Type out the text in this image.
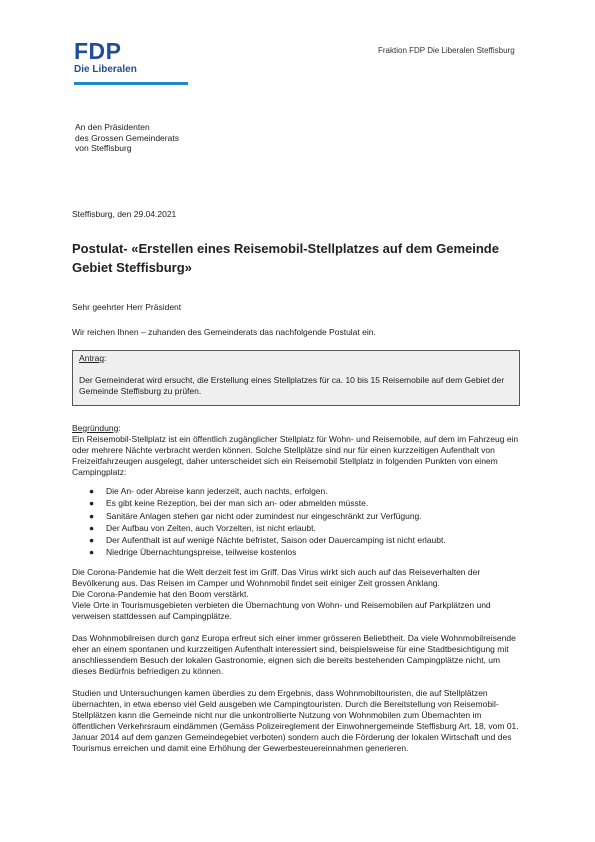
FDP
Die Liberalen
Fraktion FDP Die Liberalen Steffisburg
An den Präsidenten
des Grossen Gemeinderats
von Steffisburg
Steffisburg, den 29.04.2021
Postulat- «Erstellen eines Reisemobil-Stellplatzes auf dem Gemeinde Gebiet Steffisburg»
Sehr geehrter Herr Präsident
Wir reichen Ihnen – zuhanden des Gemeinderats das nachfolgende Postulat ein.
Antrag:
Der Gemeinderat wird ersucht, die Erstellung eines Stellplatzes für ca. 10 bis 15 Reisemobile auf dem Gebiet der Gemeinde Steffisburg zu prüfen.

Begründung:

Ein Reisemobil-Stellplatz ist ein öffentlich zugänglicher Stellplatz für Wohn- und Reisemobile, auf dem im Fahrzeug ein oder mehrere Nächte verbracht werden können. Solche Stellplätze sind nur für einen kurzzeitigen Aufenthalt von Freizeitfahrzeugen ausgelegt, daher unterscheidet sich ein Reisemobil Stellplatz in folgenden Punkten von einem Campingplatz:

● Die An- oder Abreise kann jederzeit, auch nachts, erfolgen.
● Es gibt keine Rezeption, bei der man sich an- oder abmelden müsste.
● Sanitäre Anlagen stehen gar nicht oder zumindest nur eingeschränkt zur Verfügung.
● Der Aufbau von Zelten, auch Vorzelten, ist nicht erlaubt.
● Der Aufenthalt ist auf wenige Nächte befristet, Saison oder Dauercamping ist nicht erlaubt.
● Niedrige Übernachtungspreise, teilweise kostenlos

Die Corona-Pandemie hat die Welt derzeit fest im Griff. Das Virus wirkt sich auch auf das Reiseverhalten der Bevölkerung aus. Das Reisen im Camper und Wohnmobil findet seit einiger Zeit grossen Anklang.

Die Corona-Pandemie hat den Boom verstärkt.

Viele Orte in Tourismusgebieten verbieten die Übernachtung von Wohn- und Reisemobilen auf Parkplätzen und verweisen stattdessen auf Campingplätze.

Das Wohnmobilreisen durch ganz Europa erfreut sich einer immer grösseren Beliebtheit. Da viele Wohnmobilreisende eher an einem spontanen und kurzzeitigen Aufenthalt interessiert sind, beispielsweise für eine Stadtbesichtigung mit anschliessendem Besuch der lokalen Gastronomie, eignen sich die bereits bestehenden Campingplätze nicht, um dieses Bedürfnis befriedigen zu können.

Studien und Untersuchungen kamen überdies zu dem Ergebnis, dass Wohnmobiltouristen, die auf Stellplätzen übernachten, in etwa ebenso viel Geld ausgeben wie Campingtouristen. Durch die Bereitstellung von Reisemobil-Stellplätzen kann die Gemeinde nicht nur die unkontrollierte Nutzung von Wohnmobilen zum Übernachten im öffentlichen Verkehrsraum eindämmen (Gemäss Polizeireglement der Einwohnergemeinde Steffisburg Art. 18, vom 01. Januar 2014 auf dem ganzen Gemeindegebiet verboten) sondern auch die Förderung der lokalen Wirtschaft und des Tourismus erreichen und damit eine Erhöhung der Gewerbesteuereinnahmen generieren.
